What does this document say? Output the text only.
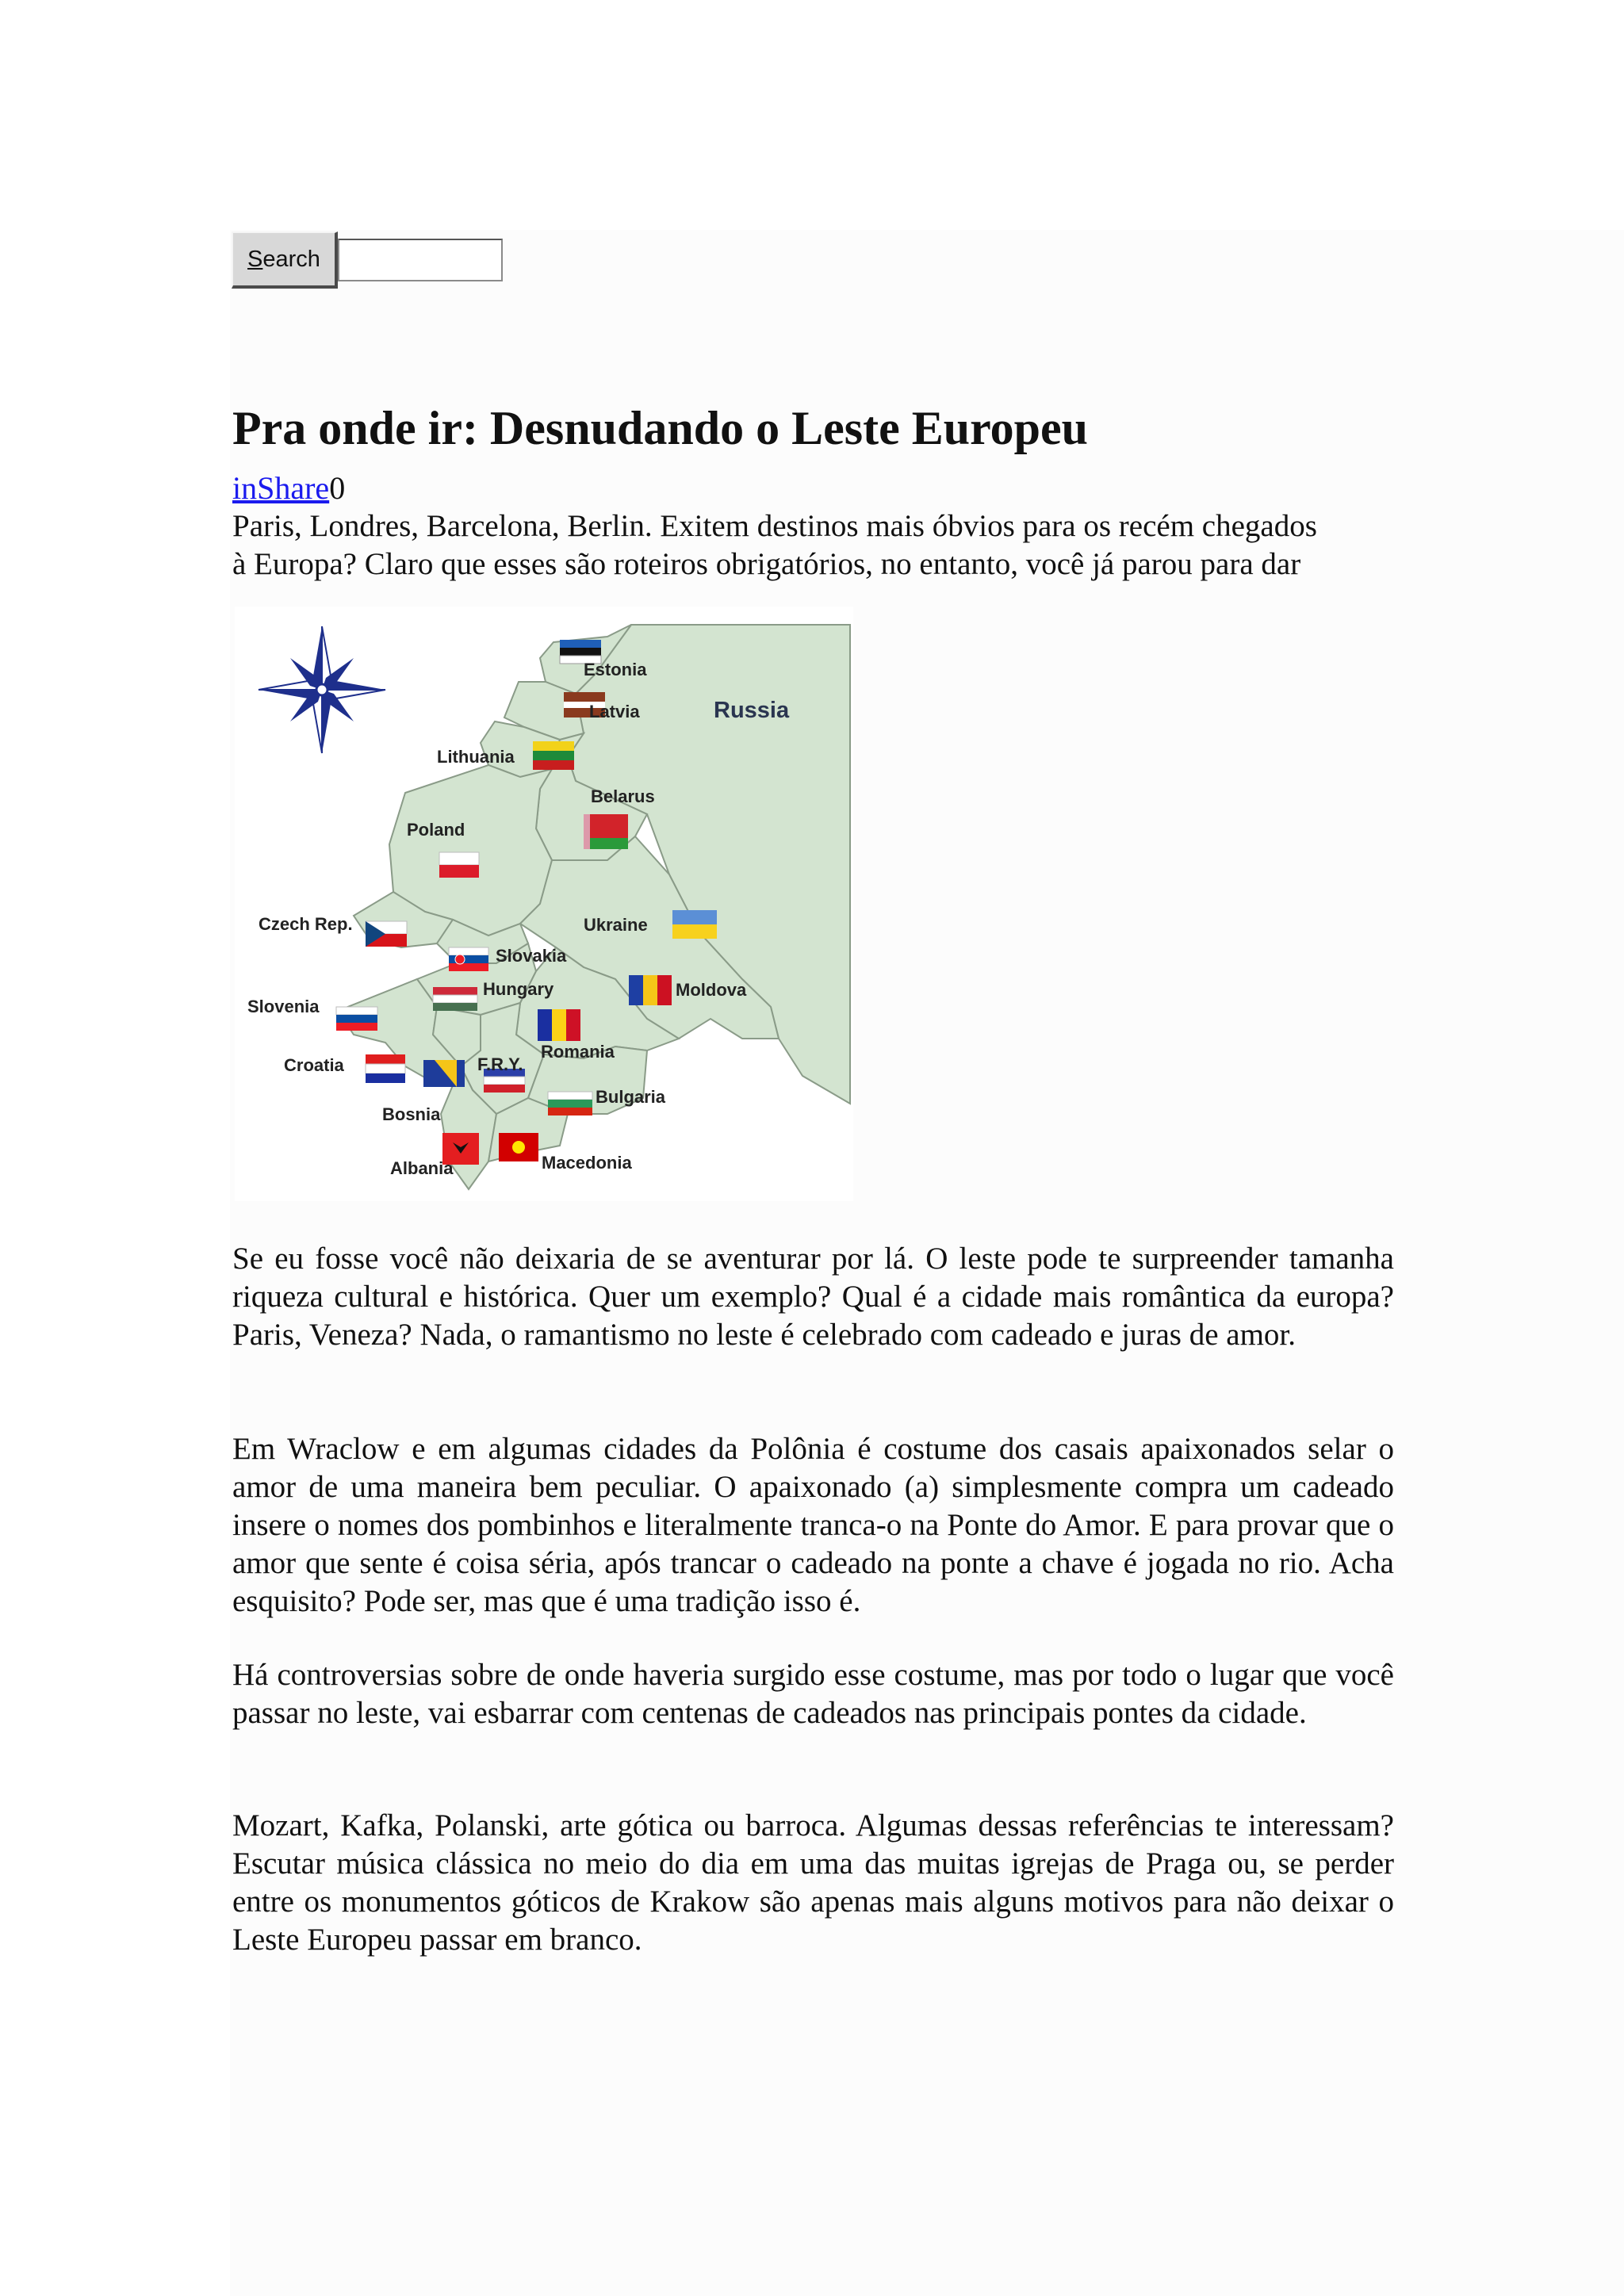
S earch
Pra onde ir: Desnudando o Leste Europeu
inShare0

Paris, Londres, Barcelona, Berlin. Exitem destinos mais óbvios para os recém chegados

à Europa? Claro que esses são roteiros obrigatórios, no entanto, você já parou para dar

Estonia
Latvia	Russia
Lithuania
Belarus
Poland
Czech Rep.	Ukraine
Slovakia
Hungary	Moldova
Slovenia
Romania
Croatia	F.R.Y.
Bulgaria
Bosnia
Albania	Macedonia

Se eu fosse você não deixaria de se aventurar por lá. O leste pode te surpreender tamanha riqueza cultural e histórica. Quer um exemplo? Qual é a cidade mais romântica da europa? Paris, Veneza? Nada, o ramantismo no leste é celebrado com cadeado e juras de amor.

Em Wraclow e em algumas cidades da Polônia é costume dos casais apaixonados selar o amor de uma maneira bem peculiar. O apaixonado (a) simplesmente compra um cadeado insere o nomes dos pombinhos e literalmente tranca-o na Ponte do Amor. E para provar que o amor que sente é coisa séria, após trancar o cadeado na ponte a chave é jogada no rio. Acha esquisito? Pode ser, mas que é uma tradição isso é.

Há controversias sobre de onde haveria surgido esse costume, mas por todo o lugar que você passar no leste, vai esbarrar com centenas de cadeados nas principais pontes da cidade.

Mozart, Kafka, Polanski, arte gótica ou barroca. Algumas dessas referências te interessam? Escutar música clássica no meio do dia em uma das muitas igrejas de Praga ou, se perder entre os monumentos góticos de Krakow são apenas mais alguns motivos para não deixar o Leste Europeu passar em branco.
